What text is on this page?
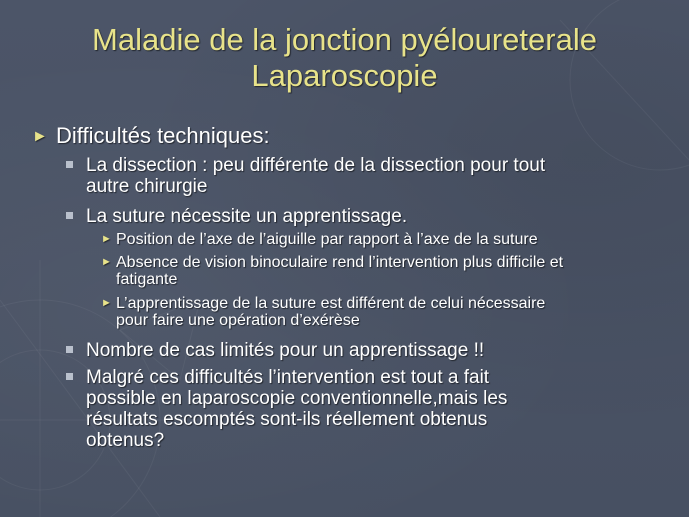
Maladie de la jonction pyéloureterale
Laparoscopie
► Difficultés techniques:
La dissection : peu différente de la dissection pour tout
autre chirurgie
La suture nécessite un apprentissage.
► Position de l’axe de l’aiguille par rapport à l’axe de la suture
► Absence de vision binoculaire rend l’intervention plus difficile et
fatigante
► L’apprentissage de la suture est différent de celui nécessaire
pour faire une opération d’exérèse
Nombre de cas limités pour un apprentissage !!
Malgré ces difficultés l’intervention est tout a fait
possible en laparoscopie conventionnelle,mais les
résultats escomptés sont-ils réellement obtenus
obtenus?
